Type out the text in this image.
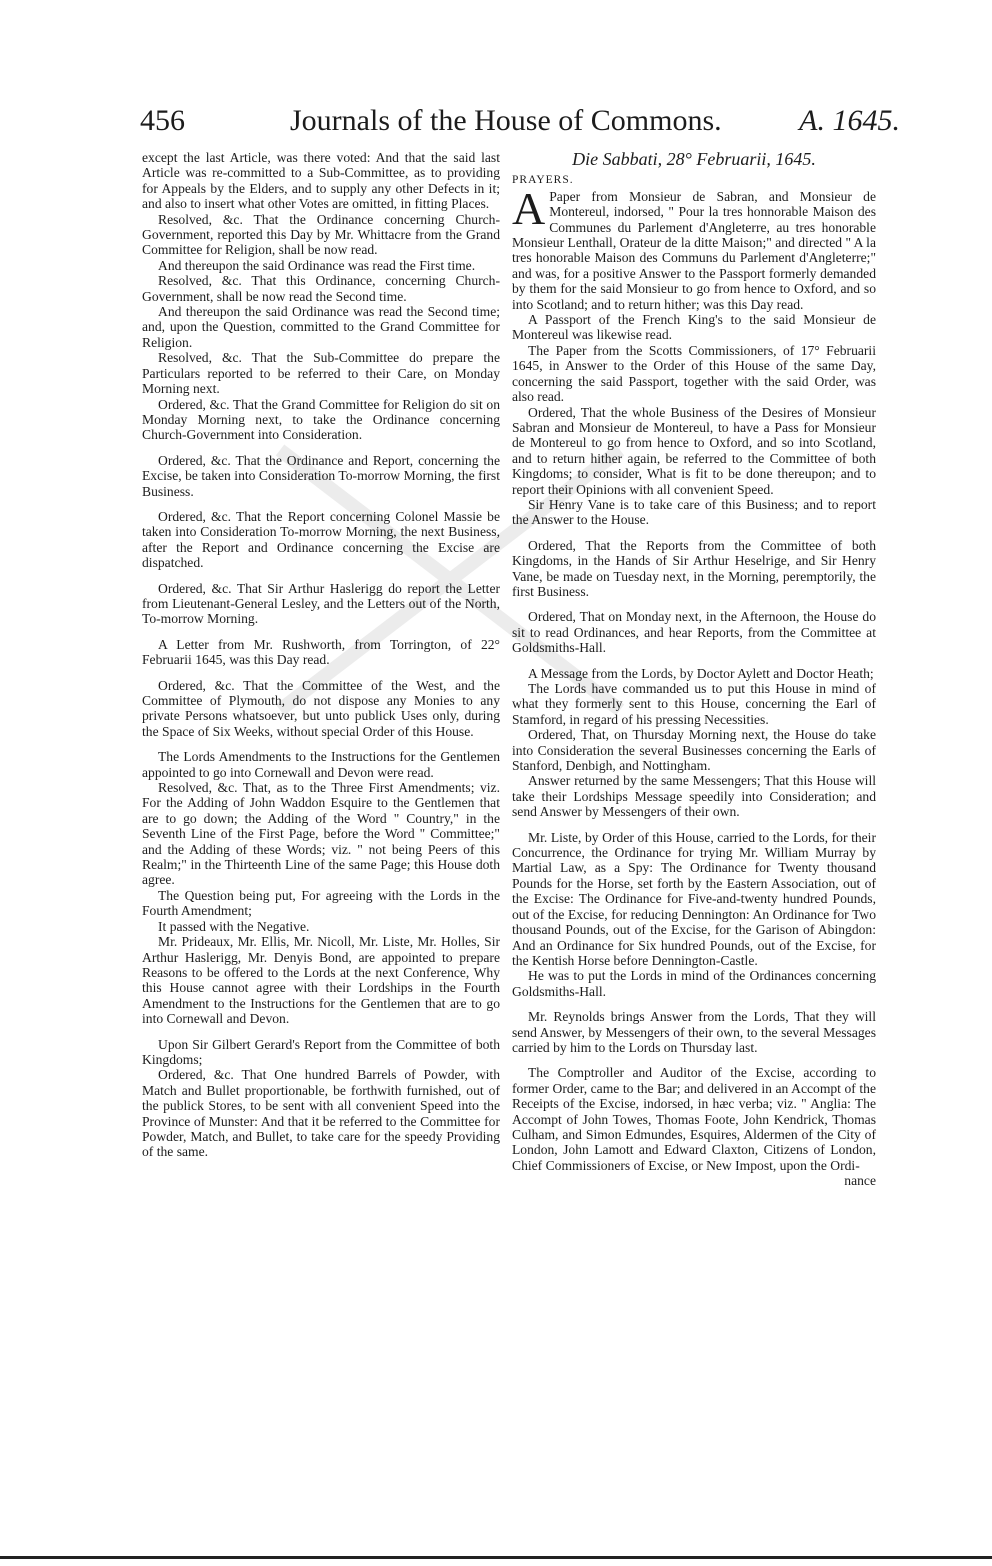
456	Journals of the House of Commons.	A. 1645.

except the last Article, was there voted: And that the said last Article was re-committed to a Sub-Committee, as to providing for Appeals by the Elders, and to supply any other Defects in it; and also to insert what other Votes are omitted, in fitting Places.

Resolved, &c. That the Ordinance concerning Church-Government, reported this Day by Mr. Whittacre from the Grand Committee for Religion, shall be now read.

And thereupon the said Ordinance was read the First time.

Resolved, &c. That this Ordinance, concerning Church-Government, shall be now read the Second time.

And thereupon the said Ordinance was read the Second time; and, upon the Question, committed to the Grand Committee for Religion.

Resolved, &c. That the Sub-Committee do prepare the Particulars reported to be referred to their Care, on Monday Morning next.

Ordered, &c. That the Grand Committee for Religion do sit on Monday Morning next, to take the Ordinance concerning Church-Government into Consideration.

Ordered, &c. That the Ordinance and Report, concerning the Excise, be taken into Consideration To-morrow Morning, the first Business.

Ordered, &c. That the Report concerning Colonel Massie be taken into Consideration To-morrow Morning, the next Business, after the Report and Ordinance concerning the Excise are dispatched.

Ordered, &c. That Sir Arthur Haslerigg do report the Letter from Lieutenant-General Lesley, and the Letters out of the North, To-morrow Morning.

A Letter from Mr. Rushworth, from Torrington, of 22° Februarii 1645, was this Day read.

Ordered, &c. That the Committee of the West, and the Committee of Plymouth, do not dispose any Monies to any private Persons whatsoever, but unto publick Uses only, during the Space of Six Weeks, without special Order of this House.

The Lords Amendments to the Instructions for the Gentlemen appointed to go into Cornewall and Devon were read.

Resolved, &c. That, as to the Three First Amendments; viz. For the Adding of John Waddon Esquire to the Gentlemen that are to go down; the Adding of the Word " Country," in the Seventh Line of the First Page, before the Word " Committee;" and the Adding of these Words; viz. " not being Peers of this Realm;" in the Thirteenth Line of the same Page; this House doth agree.

The Question being put, For agreeing with the Lords in the Fourth Amendment;

It passed with the Negative.

Mr. Prideaux, Mr. Ellis, Mr. Nicoll, Mr. Liste, Mr. Holles, Sir Arthur Haslerigg, Mr. Denyis Bond, are appointed to prepare Reasons to be offered to the Lords at the next Conference, Why this House cannot agree with their Lordships in the Fourth Amendment to the Instructions for the Gentlemen that are to go into Cornewall and Devon.

Upon Sir Gilbert Gerard's Report from the Committee of both Kingdoms;

Ordered, &c. That One hundred Barrels of Powder, with Match and Bullet proportionable, be forthwith furnished, out of the publick Stores, to be sent with all convenient Speed into the Province of Munster: And that it be referred to the Committee for Powder, Match, and Bullet, to take care for the speedy Providing of the same.

Die Sabbati, 28° Februarii, 1645.

PRAYERS.

A Paper from Monsieur de Sabran, and Monsieur de Montereul, indorsed, " Pour la tres honnorable Maison des Communes du Parlement d'Angleterre, au tres honorable Monsieur Lenthall, Orateur de la ditte Maison;" and directed " A la tres honorable Maison des Communs du Parlement d'Angleterre;" and was, for a positive Answer to the Passport formerly demanded by them for the said Monsieur to go from hence to Oxford, and so into Scotland; and to return hither; was this Day read.

A Passport of the French King's to the said Monsieur de Montereul was likewise read.

The Paper from the Scotts Commissioners, of 17° Februarii 1645, in Answer to the Order of this House of the same Day, concerning the said Passport, together with the said Order, was also read.

Ordered, That the whole Business of the Desires of Monsieur Sabran and Monsieur de Montereul, to have a Pass for Monsieur de Montereul to go from hence to Oxford, and so into Scotland, and to return hither again, be referred to the Committee of both Kingdoms; to consider, What is fit to be done thereupon; and to report their Opinions with all convenient Speed.

Sir Henry Vane is to take care of this Business; and to report the Answer to the House.

Ordered, That the Reports from the Committee of both Kingdoms, in the Hands of Sir Arthur Heselrige, and Sir Henry Vane, be made on Tuesday next, in the Morning, peremptorily, the first Business.

Ordered, That on Monday next, in the Afternoon, the House do sit to read Ordinances, and hear Reports, from the Committee at Goldsmiths-Hall.

A Message from the Lords, by Doctor Aylett and Doctor Heath;

The Lords have commanded us to put this House in mind of what they formerly sent to this House, concerning the Earl of Stamford, in regard of his pressing Necessities.

Ordered, That, on Thursday Morning next, the House do take into Consideration the several Businesses concerning the Earls of Stanford, Denbigh, and Nottingham.

Answer returned by the same Messengers; That this House will take their Lordships Message speedily into Consideration; and send Answer by Messengers of their own.

Mr. Liste, by Order of this House, carried to the Lords, for their Concurrence, the Ordinance for trying Mr. William Murray by Martial Law, as a Spy: The Ordinance for Twenty thousand Pounds for the Horse, set forth by the Eastern Association, out of the Excise: The Ordinance for Five-and-twenty hundred Pounds, out of the Excise, for reducing Dennington: An Ordinance for Two thousand Pounds, out of the Excise, for the Garison of Abingdon: And an Ordinance for Six hundred Pounds, out of the Excise, for the Kentish Horse before Dennington-Castle.

He was to put the Lords in mind of the Ordinances concerning Goldsmiths-Hall.

Mr. Reynolds brings Answer from the Lords, That they will send Answer, by Messengers of their own, to the several Messages carried by him to the Lords on Thursday last.

The Comptroller and Auditor of the Excise, according to former Order, came to the Bar; and delivered in an Accompt of the Receipts of the Excise, indorsed, in hæc verba; viz. " Anglia: The Accompt of John Towes, Thomas Foote, John Kendrick, Thomas Culham, and Simon Edmundes, Esquires, Aldermen of the City of London, John Lamott and Edward Claxton, Citizens of London, Chief Commissioners of Excise, or New Impost, upon the Ordi-

nance
